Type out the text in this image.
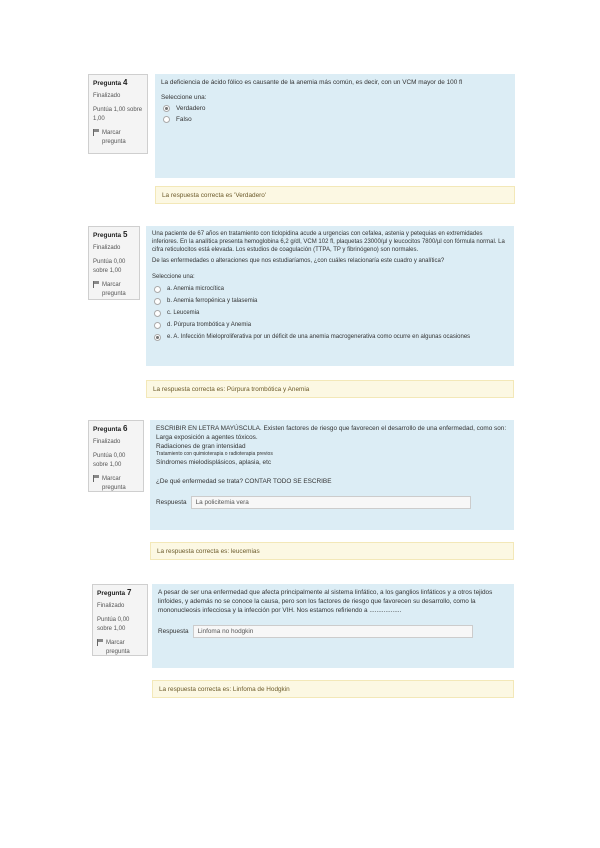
Pregunta 4
Finalizado
Puntúa 1,00 sobre 1,00
Marcar pregunta

La deficiencia de ácido fólico es causante de la anemia más común, es decir, con un VCM mayor de 100 fl

Seleccione una:
Verdadero
Falso
La respuesta correcta es 'Verdadero'
Pregunta 5
Finalizado
Puntúa 0,00 sobre 1,00
Marcar pregunta

Una paciente de 67 años en tratamiento con ticlopidina acude a urgencias con cefalea, astenia y petequias en extremidades inferiores. En la analítica presenta hemoglobina 6,2 g/dl, VCM 102 fl, plaquetas 23000/µl y leucocitos 7800/µl con fórmula normal. La cifra reticulocitos está elevada. Los estudios de coagulación (TTPA, TP y fibrinógeno) son normales.

De las enfermedades o alteraciones que nos estudiaríamos, ¿con cuáles relacionaría este cuadro y analítica?

Seleccione una:
a. Anemia microcítica
b. Anemia ferropénica y talasemia
c. Leucemia
d. Púrpura trombótica y Anemia
e. A. Infección Mieloproliferativa por un déficit de una anemia macrogenerativa como ocurre en algunas ocasiones
La respuesta correcta es: Púrpura trombótica y Anemia
Pregunta 6
Finalizado
Puntúa 0,00 sobre 1,00
Marcar pregunta

ESCRIBIR EN LETRA MAYÚSCULA. Existen factores de riesgo que favorecen el desarrollo de una enfermedad, como son:

Larga exposición a agentes tóxicos.

Radiaciones de gran intensidad

Tratamiento con quimioterapia o radioterapia previos

Síndromes mielodisplásicos, aplasia, etc

¿De qué enfermedad se trata? CONTAR TODO SE ESCRIBE

Respuesta	La policitemia vera
La respuesta correcta es: leucemias
Pregunta 7
Finalizado
Puntúa 0,00 sobre 1,00
Marcar pregunta

A pesar de ser una enfermedad que afecta principalmente al sistema linfático, a los ganglios linfáticos y a otros tejidos linfoides, y además no se conoce la causa, pero son los factores de riesgo que favorecen su desarrollo, como la mononucleosis infecciosa y la infección por VIH. Nos estamos refiriendo a ..................

Respuesta	Linfoma no hodgkin
La respuesta correcta es: Linfoma de Hodgkin
